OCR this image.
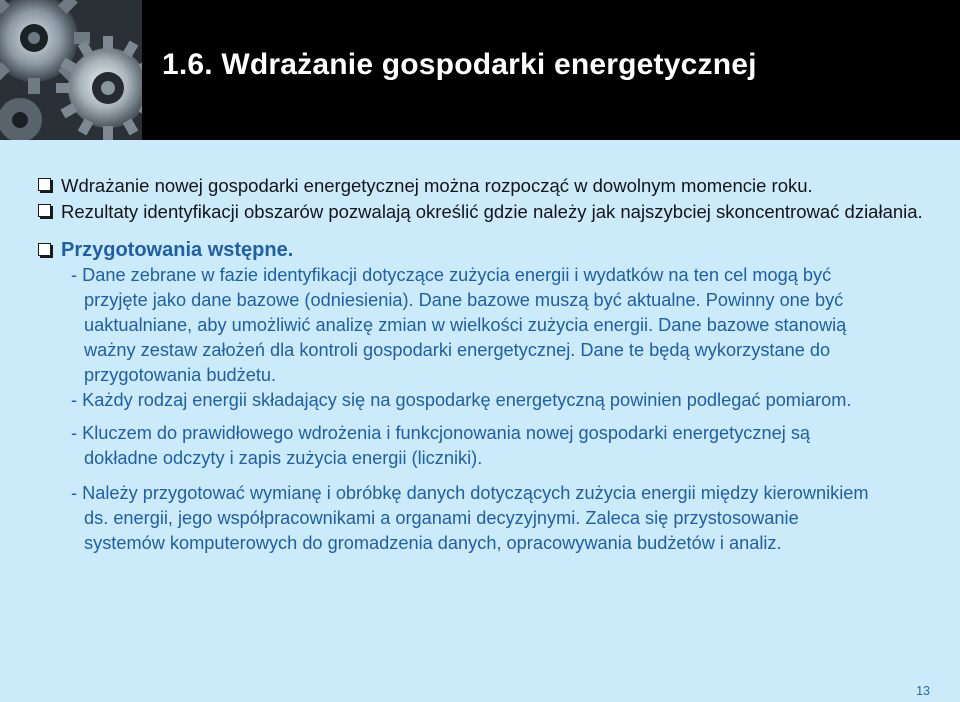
1.6. Wdrażanie gospodarki energetycznej
Wdrażanie nowej gospodarki energetycznej można rozpocząć w dowolnym momencie roku.
Rezultaty identyfikacji obszarów pozwalają określić gdzie należy jak najszybciej skoncentrować działania.
Przygotowania wstępne.
- Dane zebrane w fazie identyfikacji dotyczące zużycia energii i wydatków na ten cel mogą być przyjęte jako dane bazowe (odniesienia). Dane bazowe muszą być aktualne. Powinny one być uaktualniane, aby umożliwić analizę zmian w wielkości zużycia energii. Dane bazowe stanowią ważny zestaw założeń dla kontroli gospodarki energetycznej. Dane te będą wykorzystane do przygotowania budżetu.
- Każdy rodzaj energii składający się na gospodarkę energetyczną powinien podlegać pomiarom.
- Kluczem do prawidłowego wdrożenia i funkcjonowania nowej gospodarki energetycznej są dokładne odczyty i zapis zużycia energii (liczniki).
- Należy przygotować wymianę i obróbkę danych dotyczących zużycia energii między kierownikiem ds. energii, jego współpracownikami a organami decyzyjnymi. Zaleca się przystosowanie systemów komputerowych do gromadzenia danych, opracowywania budżetów i analiz.
13
